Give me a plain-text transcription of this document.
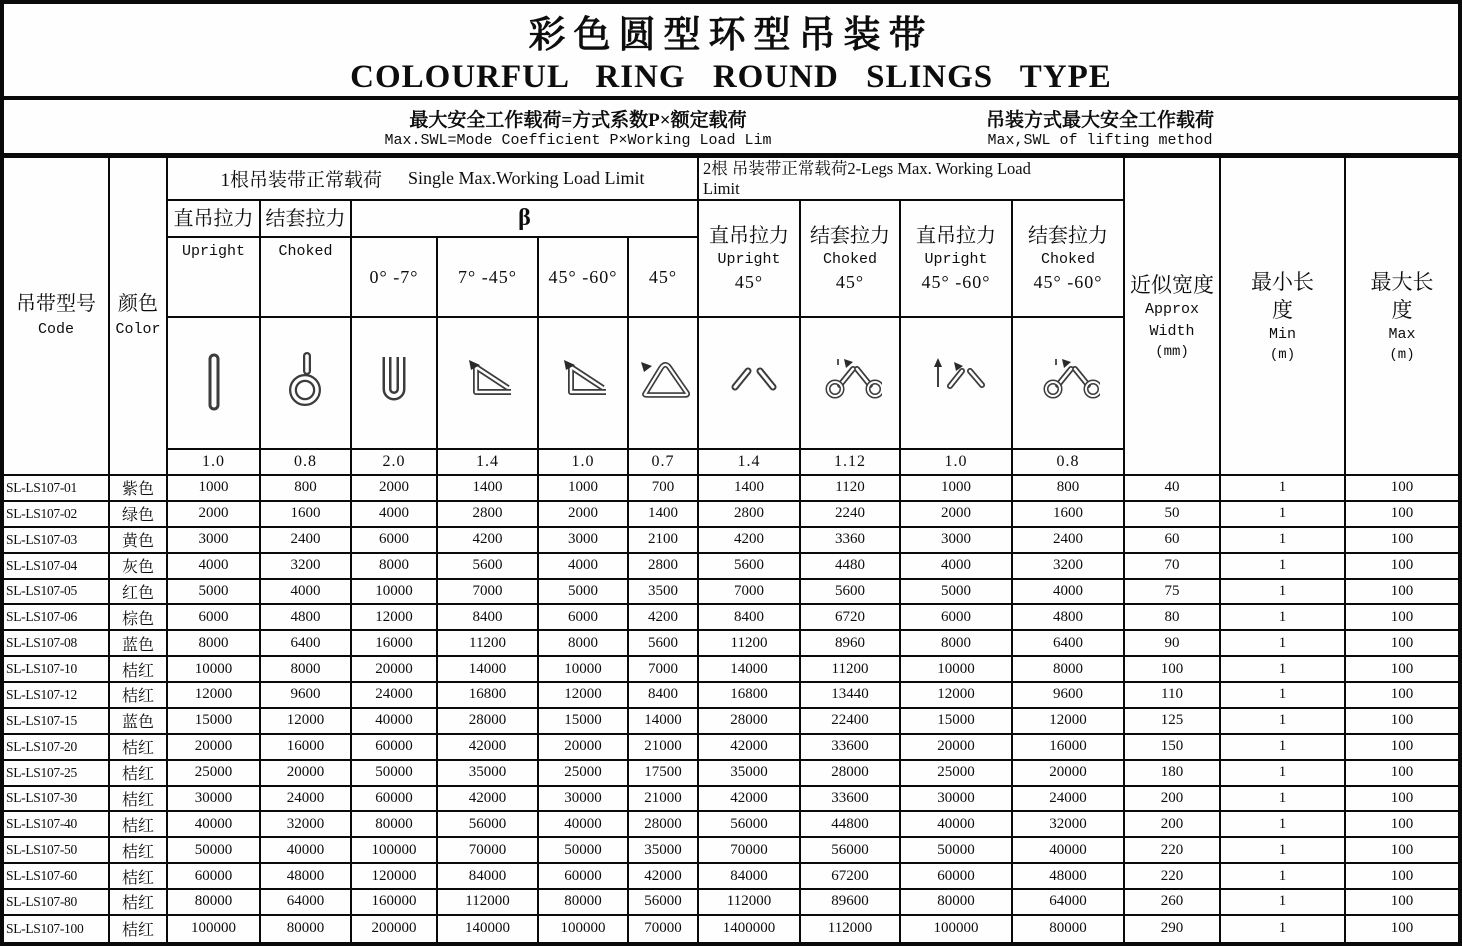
彩色圆型环型吊装带
COLOURFUL RING ROUND SLINGS TYPE
最大安全工作载荷=方式系数P×额定载荷
Max.SWL=Mode Coefficient P×Working Load Lim
吊装方式最大安全工作载荷
Max,SWL of lifting method
吊带型号
Code
颜色
Color
1根吊装带正常载荷 Single Max.Working Load Limit	2根 吊装带正常载荷2-Legs Max. Working Load
Limit
近似宽度
Approx
Width
(mm)
最小长
度
Min
(m)
最大长
度
Max
(m)
直吊拉力 结套拉力	β
Upright	Choked
0° -7°	7° -45°	45° -60°	45°
直吊拉力
Upright
45°
结套拉力
Choked
45°
直吊拉力
Upright
45° -60°
结套拉力
Choked
45° -60°
1.0	0.8	2.0	1.4	1.0	0.7	1.4	1.12	1.0	0.8
SL-LS107-01	紫色	1000	800	2000	1400	1000	700	1400	1120	1000	800	40	1	100
SL-LS107-02	绿色	2000	1600	4000	2800	2000	1400	2800	2240	2000	1600	50	1	100
SL-LS107-03	黄色	3000	2400	6000	4200	3000	2100	4200	3360	3000	2400	60	1	100
SL-LS107-04	灰色	4000	3200	8000	5600	4000	2800	5600	4480	4000	3200	70	1	100
SL-LS107-05	红色	5000	4000	10000	7000	5000	3500	7000	5600	5000	4000	75	1	100
SL-LS107-06	棕色	6000	4800	12000	8400	6000	4200	8400	6720	6000	4800	80	1	100
SL-LS107-08	蓝色	8000	6400	16000	11200	8000	5600	11200	8960	8000	6400	90	1	100
SL-LS107-10	桔红	10000	8000	20000	14000	10000	7000	14000	11200	10000	8000	100	1	100
SL-LS107-12	桔红	12000	9600	24000	16800	12000	8400	16800	13440	12000	9600	110	1	100
SL-LS107-15	蓝色	15000	12000	40000	28000	15000	14000	28000	22400	15000	12000	125	1	100
SL-LS107-20	桔红	20000	16000	60000	42000	20000	21000	42000	33600	20000	16000	150	1	100
SL-LS107-25	桔红	25000	20000	50000	35000	25000	17500	35000	28000	25000	20000	180	1	100
SL-LS107-30	桔红	30000	24000	60000	42000	30000	21000	42000	33600	30000	24000	200	1	100
SL-LS107-40	桔红	40000	32000	80000	56000	40000	28000	56000	44800	40000	32000	200	1	100
SL-LS107-50	桔红	50000	40000	100000	70000	50000	35000	70000	56000	50000	40000	220	1	100
SL-LS107-60	桔红	60000	48000	120000	84000	60000	42000	84000	67200	60000	48000	220	1	100
SL-LS107-80	桔红	80000	64000	160000	112000	80000	56000	112000	89600	80000	64000	260	1	100
SL-LS107-100	桔红	100000	80000	200000	140000	100000	70000	1400000	112000	100000	80000	290	1	100
